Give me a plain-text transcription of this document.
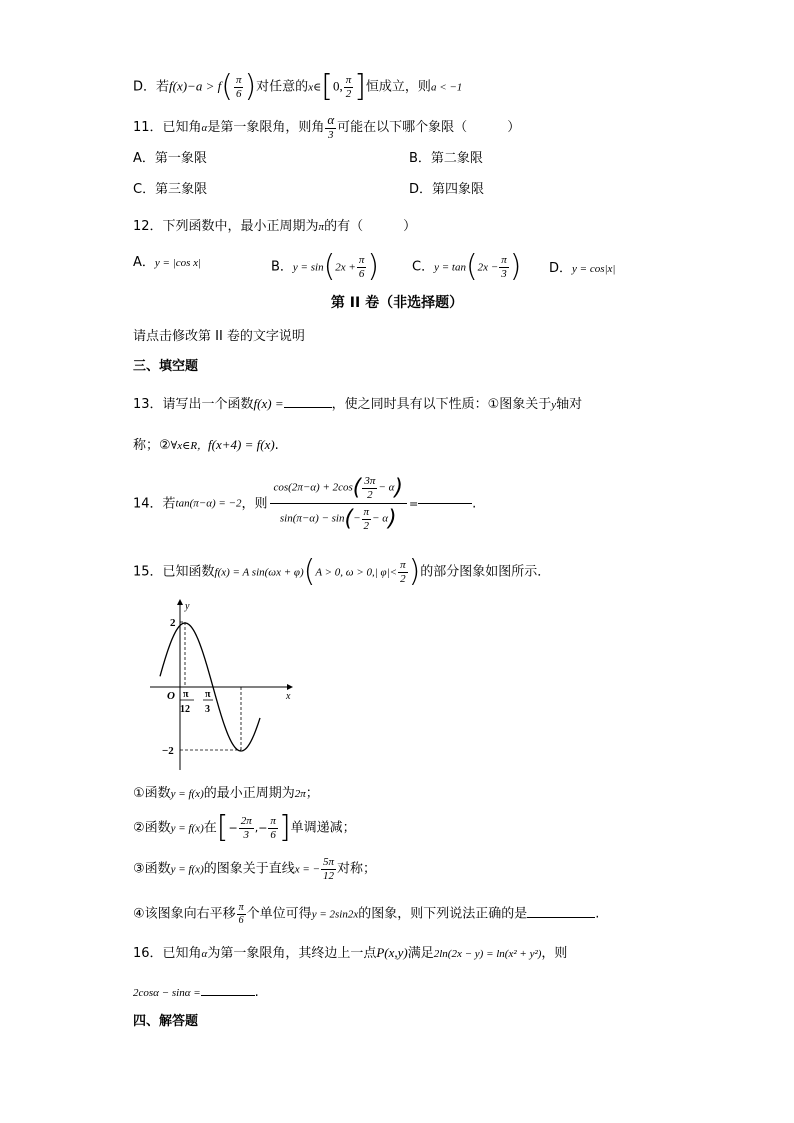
D．若$f(x)-a > f( \frac{\pi}{6}$ )对任意的x∈[0, $\frac{\pi}{2}$ ]恒成立，则a < −1
11．已知角α是第一象限角，则角 $\frac{\alpha}{3}$ 可能在以下哪个象限（	）
A．第一象限	B．第二象限
C．第三象限	D．第四象限
12．下列函数中，最小正周期为π的有（	）
A．y = |cos x|	B．$y = \sin(2x + \frac{\pi}{6}$ )	C．$y = \tan(2x - \frac{\pi}{3}$ ) D．y = cos|x|
第 II 卷（非选择题）
请点击修改第 II 卷的文字说明
三、填空题
13．请写出一个函数f(x) =	，使之同时具有以下性质：①图象关于y轴对
称；②∀x∈R，f(x+4) = f(x).
14．若tan(π−α) = −2，则 $\frac{\cos(2\pi-\alpha) + 2\cos( \frac{3\pi}{2} - \alpha)}{\sin(\pi-\alpha) - \sin(- \frac{\pi}{2} - \alpha)}$ =	.
15．已知函数f(x) = A sin(ωx + φ)(A > 0, ω > 0,| $\varphi|< \frac{\pi}{2}$ )的部分图象如图所示．
y
x
O
2
−2
π
12
π
3
①函数y = f(x)的最小正周期为2π；
②函数y = f(x)在[− $\frac{2\pi}{3}$ ,− $\frac{\pi}{6}$ ]单调递减；
③函数y = f(x)的图象关于直线x = − $\frac{5\pi}{12}$ 对称；
④该图象向右平移 $\frac{\pi}{6}$ 个单位可得y = 2sin2x的图象，则下列说法正确的是	.
16．已知角α为第一象限角，其终边上一点P(x,y)满足2ln(2x − y) = ln(x² + y²)，则
2cosα − sinα =	.
四、解答题
